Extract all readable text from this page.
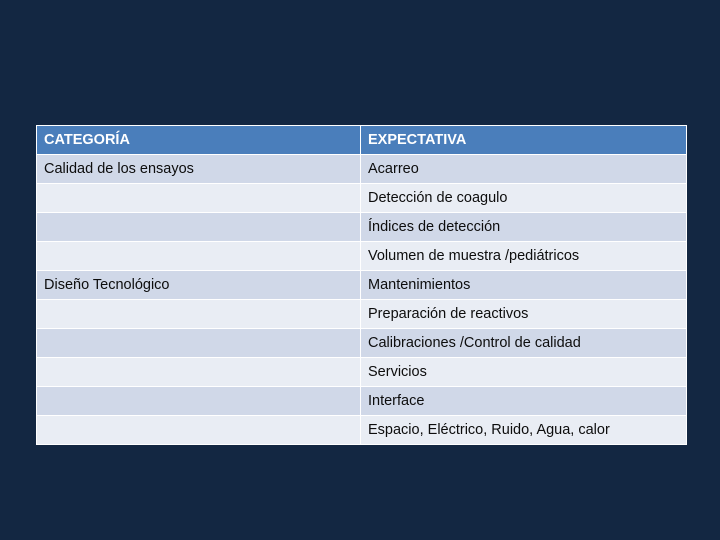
CATEGORÍA	EXPECTATIVA
Calidad de los ensayos	Acarreo
	Detección de coagulo
	Índices de detección
	Volumen de muestra /pediátricos
Diseño Tecnológico	Mantenimientos
	Preparación de reactivos
	Calibraciones /Control de calidad
	Servicios
	Interface
	Espacio, Eléctrico, Ruido, Agua, calor
